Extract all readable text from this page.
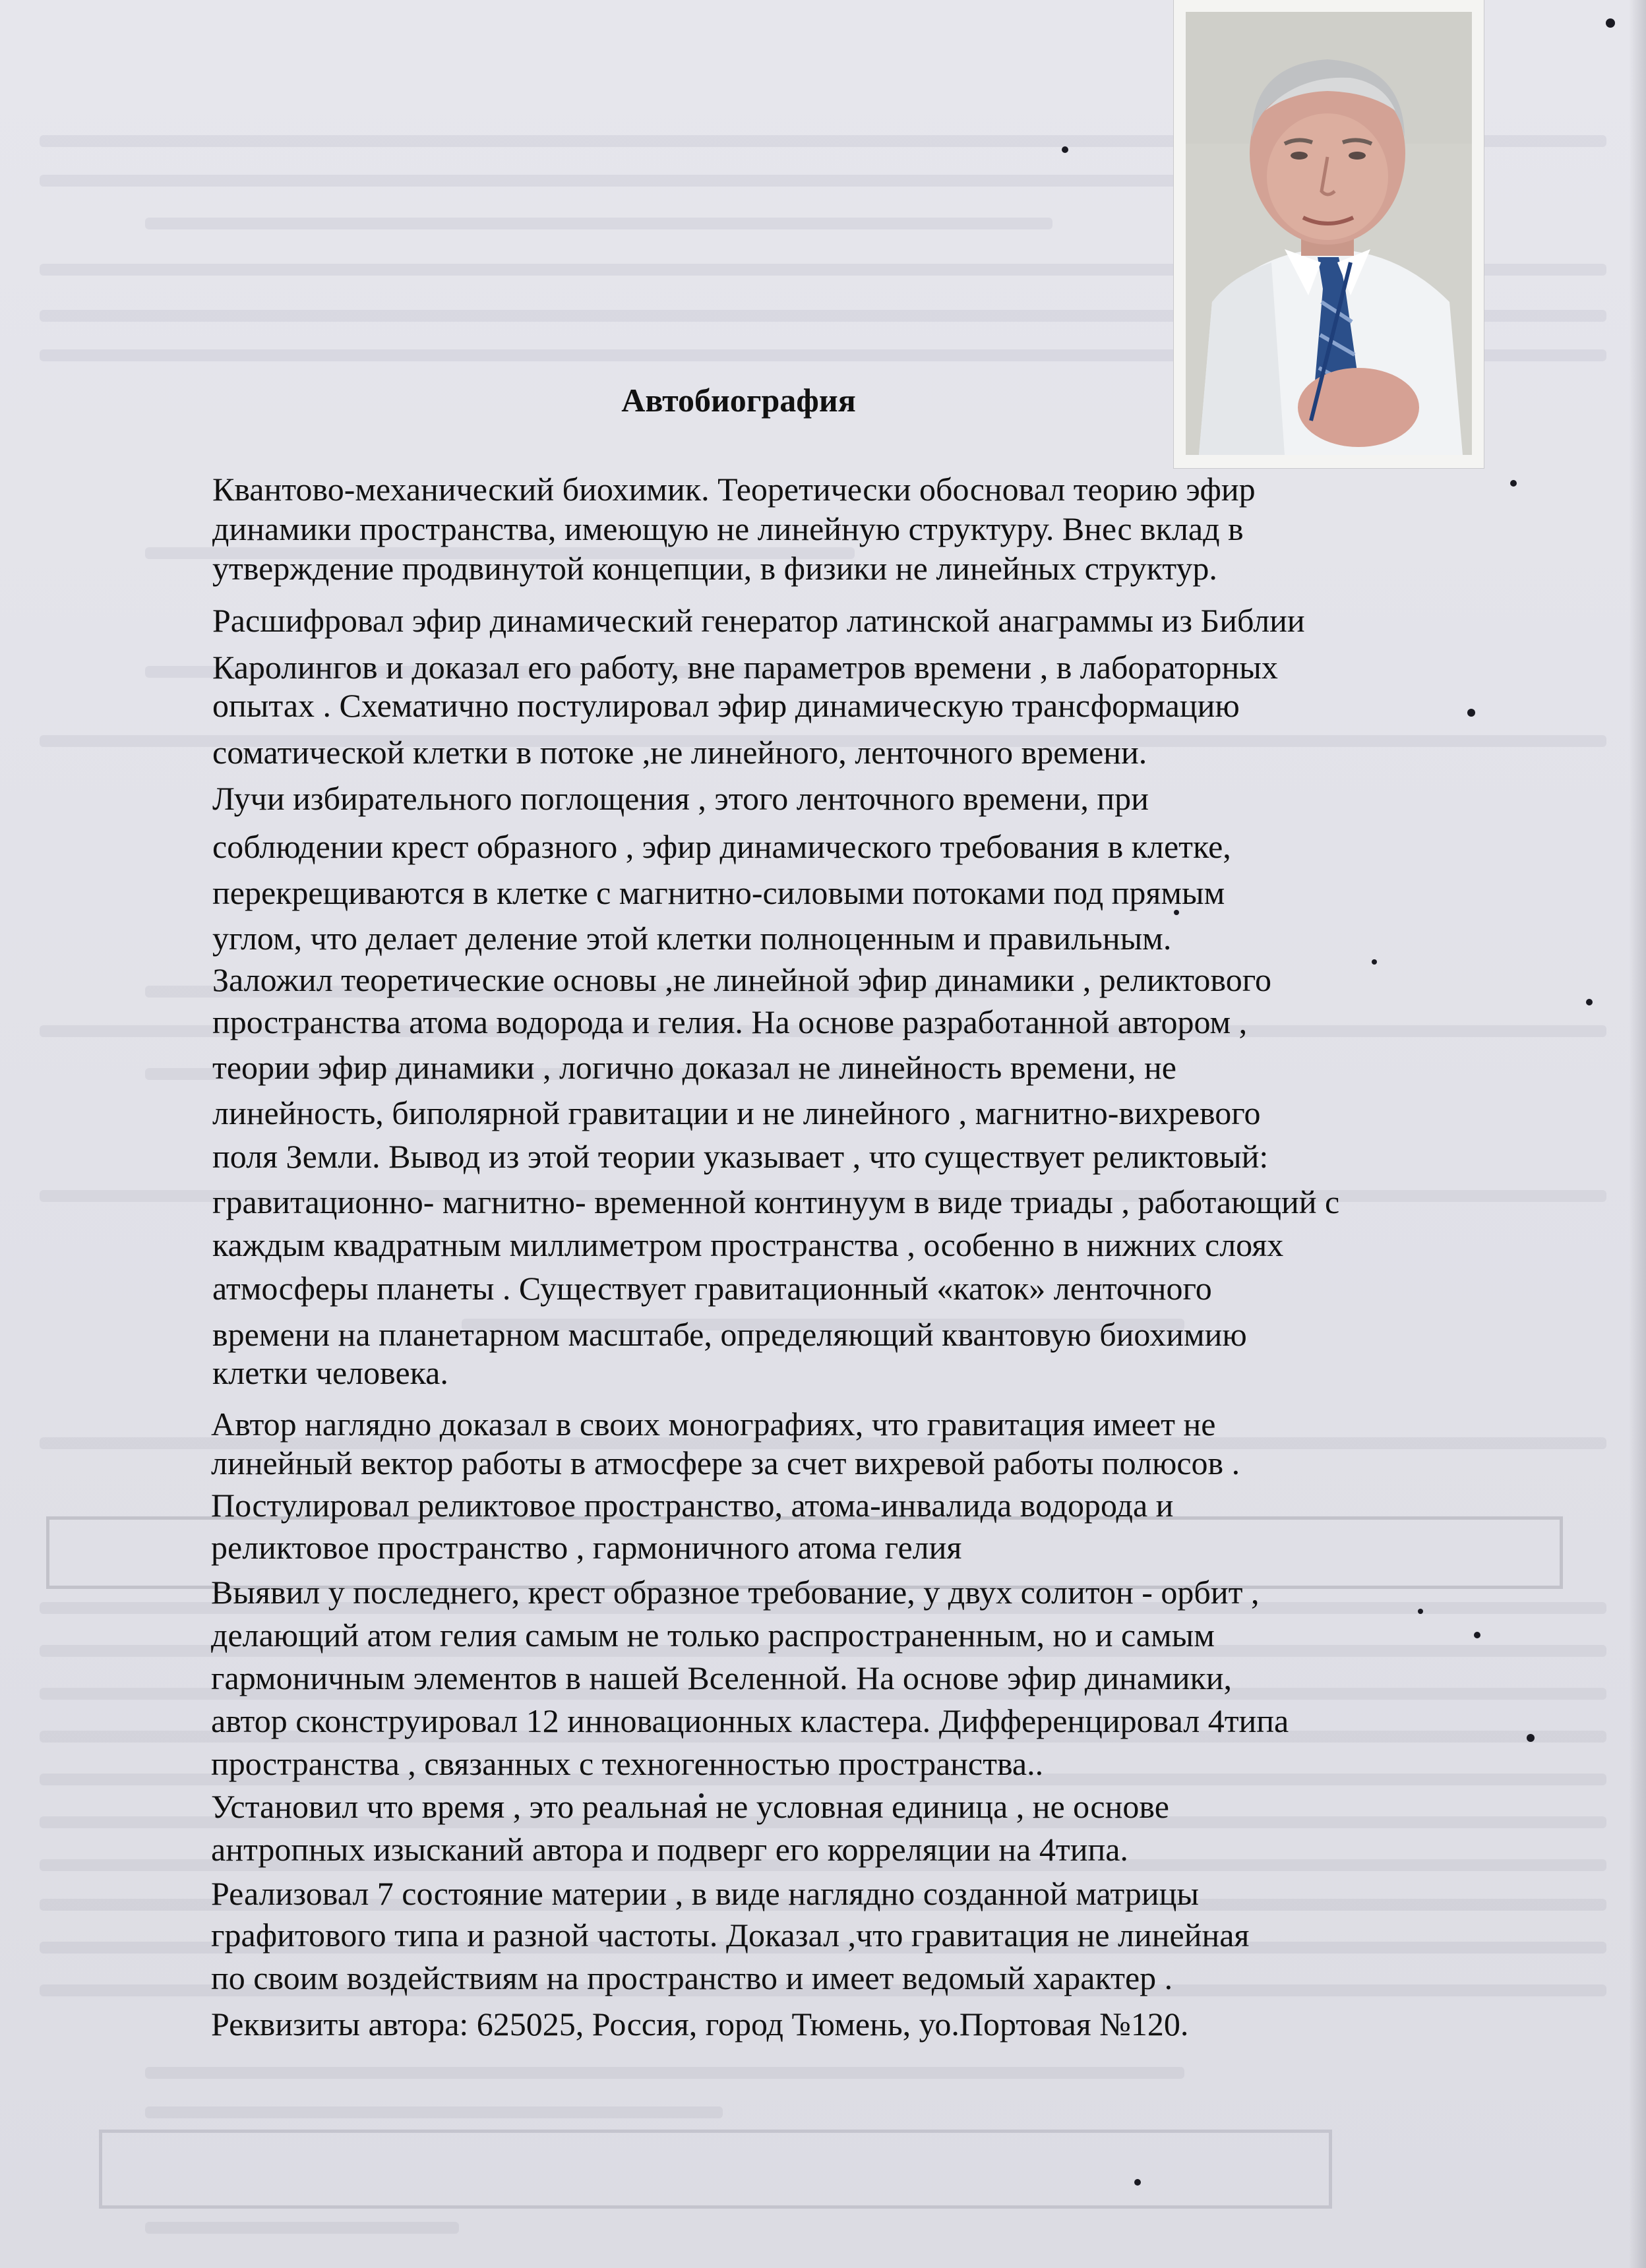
Автобиография

Квантово-механический биохимик. Теоретически обосновал теорию эфир

динамики пространства, имеющую не линейную структуру. Внес вклад в

утверждение продвинутой концепции, в физики не линейных структур.

Расшифровал эфир динамический генератор латинской анаграммы из Библии

Каролингов и доказал его работу, вне параметров времени , в лабораторных

опытах . Схематично постулировал эфир динамическую трансформацию

соматической клетки в потоке ,не линейного, ленточного времени.

Лучи избирательного поглощения , этого ленточного времени, при

соблюдении крест образного , эфир динамического требования в клетке,

перекрещиваются в клетке с магнитно-силовыми потоками под прямым

углом, что делает деление этой клетки полноценным и правильным.

Заложил теоретические основы ,не линейной эфир динамики , реликтового

пространства атома водорода и гелия. На основе разработанной автором ,

теории эфир динамики , логично доказал не линейность времени, не

линейность, биполярной гравитации и не линейного , магнитно-вихревого

поля Земли. Вывод из этой теории указывает , что существует реликтовый:

гравитационно- магнитно- временной континуум в виде триады , работающий с

каждым квадратным миллиметром пространства , особенно в нижних слоях

атмосферы планеты . Существует гравитационный «каток» ленточного

времени на планетарном масштабе, определяющий квантовую биохимию

клетки человека.

Автор наглядно доказал в своих монографиях, что гравитация имеет не

линейный вектор работы в атмосфере за счет вихревой работы полюсов .

Постулировал реликтовое пространство, атома-инвалида водорода и

реликтовое пространство , гармоничного атома гелия

Выявил у последнего, крест образное требование, у двух солитон - орбит ,

делающий атом гелия самым не только распространенным, но и самым

гармоничным элементов в нашей Вселенной. На основе эфир динамики,

автор сконструировал 12 инновационных кластера. Дифференцировал 4типа

пространства , связанных с техногенностью пространства..

Установил что время , это реальная не условная единица , не основе

антропных изысканий автора и подверг его корреляции на 4типа.

Реализовал 7 состояние материи , в виде наглядно созданной матрицы

графитового типа и разной частоты. Доказал ,что гравитация не линейная

по своим воздействиям на пространство и имеет ведомый характер .

Реквизиты автора: 625025, Россия, город Тюмень, уо.Портовая №120.
